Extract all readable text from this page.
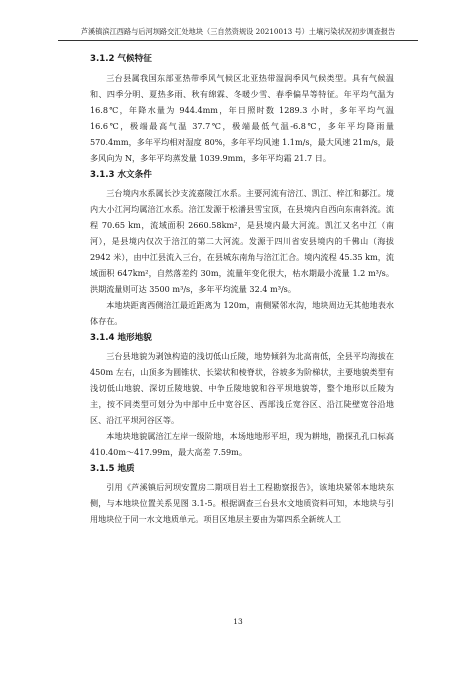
芦溪镇滨江西路与后河坝路交汇处地块（三自然资规设 20210013 号）土壤污染状况初步调查报告
3.1.2 气候特征

三台县属我国东部亚热带季风气候区北亚热带湿润季风气候类型。具有气候温和、四季分明、夏热多雨、秋有绵霖、冬暖少雪、春季偏旱等特征。年平均气温为 16.8℃，年降水量为 944.4mm，年日照时数 1289.3 小时，多年平均气温 16.6℃，极端最高气温 37.7℃，极端最低气温-6.8℃，多年平均降雨量 570.4mm，多年平均相对湿度 80%，多年平均风速 1.1m/s，最大风速 21m/s，最多风向为 N，多年平均蒸发量 1039.9mm，多年平均霜 21.7 日。

3.1.3 水文条件

三台境内水系属长沙支流嘉陵江水系。主要河流有涪江、凯江、梓江和郪江。境内大小江河均属涪江水系。涪江发源于松潘县雪宝顶，在县境内自西向东南斜流。流程 70.65 km，流域面积 2660.58km²，是县境内最大河流。凯江又名中江（南河），是县境内仅次于涪江的第二大河流。发源于四川省安县境内的千佛山（海拔 2942 米），由中江县流入三台，在县城东南角与涪江汇合。境内流程 45.35 km，流域面积 647km²，自然落差约 30m，流量年变化很大，枯水期最小流量 1.2 m³/s。洪期流量则可达 3500 m³/s，多年平均流量 32.4 m³/s。

本地块距离西侧涪江最近距离为 120m，南侧紧邻水沟，地块周边无其他地表水体存在。

3.1.4 地形地貌

三台县地貌为剥蚀构造的浅切低山丘陵，地势倾斜为北高南低，全县平均海拔在 450m 左右，山顶多为圆锥状、长梁状和棱脊状，谷坡多为阶梯状，主要地貌类型有浅切低山地貌、深切丘陵地貌、中争丘陵地貌和谷平坝地貌等，整个地形以丘陵为主，按不同类型可划分为中部中丘中宽谷区、西部浅丘宽谷区、沿江陡壁宽谷沿地区、沿江平坝河谷区等。

本地块地貌属涪江左岸一级阶地，本场地地形平坦，现为耕地，勘探孔孔口标高 410.40m～417.99m，最大高差 7.59m。

3.1.5 地质

引用《芦溪镇后河坝安置房二期项目岩土工程勘察报告》，该地块紧邻本地块东侧，与本地块位置关系见图 3.1-5。根据调查三台县水文地质资料可知，本地块与引用地块位于同一水文地质单元。项目区地层主要由为第四系全新统人工

13
